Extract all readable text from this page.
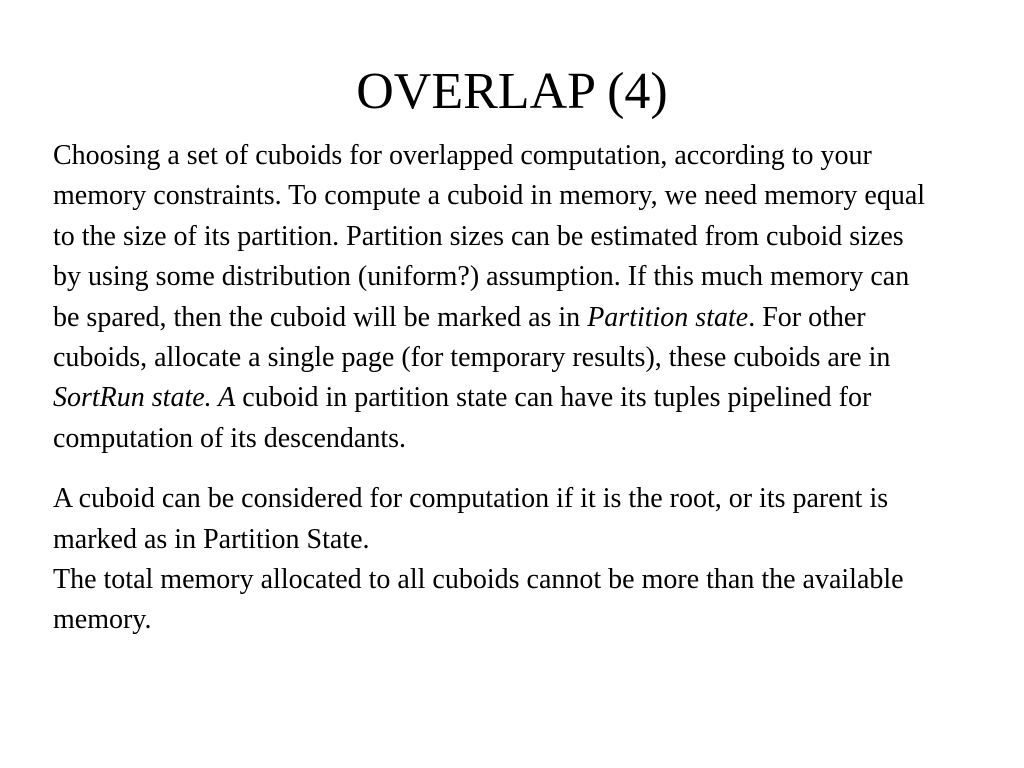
OVERLAP (4)

Choosing a set of cuboids for overlapped computation, according to your memory constraints. To compute a cuboid in memory, we need memory equal to the size of its partition. Partition sizes can be estimated from cuboid sizes by using some distribution (uniform?) assumption. If this much memory can be spared, then the cuboid will be marked as in Partition state. For other cuboids, allocate a single page (for temporary results), these cuboids are in SortRun state. A cuboid in partition state can have its tuples pipelined for computation of its descendants.

A cuboid can be considered for computation if it is the root, or its parent is marked as in Partition State.
The total memory allocated to all cuboids cannot be more than the available memory.
